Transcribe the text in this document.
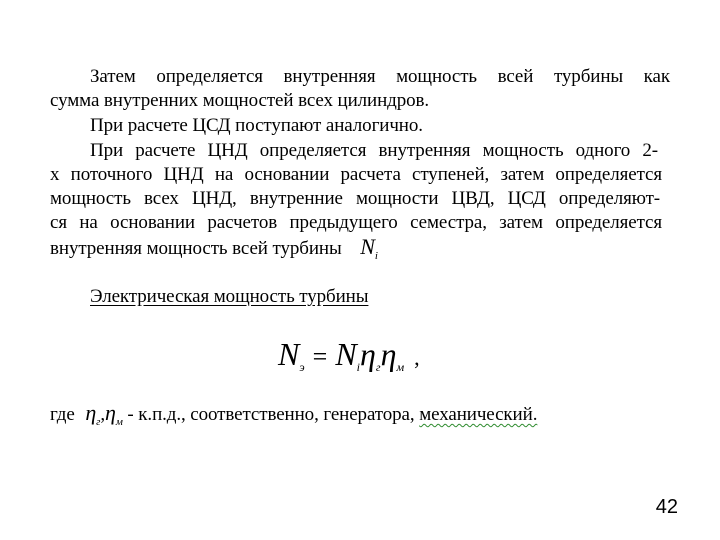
Затем определяется внутренняя мощность всей турбины как
сумма внутренних мощностей всех цилиндров.
При расчете ЦСД поступают аналогично.
При расчете ЦНД определяется внутренняя мощность одного 2-
х поточного ЦНД на основании расчета ступеней, затем определяется
мощность всех ЦНД, внутренние мощности ЦВД, ЦСД определяют-
ся на основании расчетов предыдущего семестра, затем определяется
внутренняя мощность всей турбины $N_i$
Электрическая мощность турбины
$N_э = N_i\eta_г\eta_м$ ,
где $\eta_г,\eta_м - к.п.д$., соответственно, генератора, механический.
42
